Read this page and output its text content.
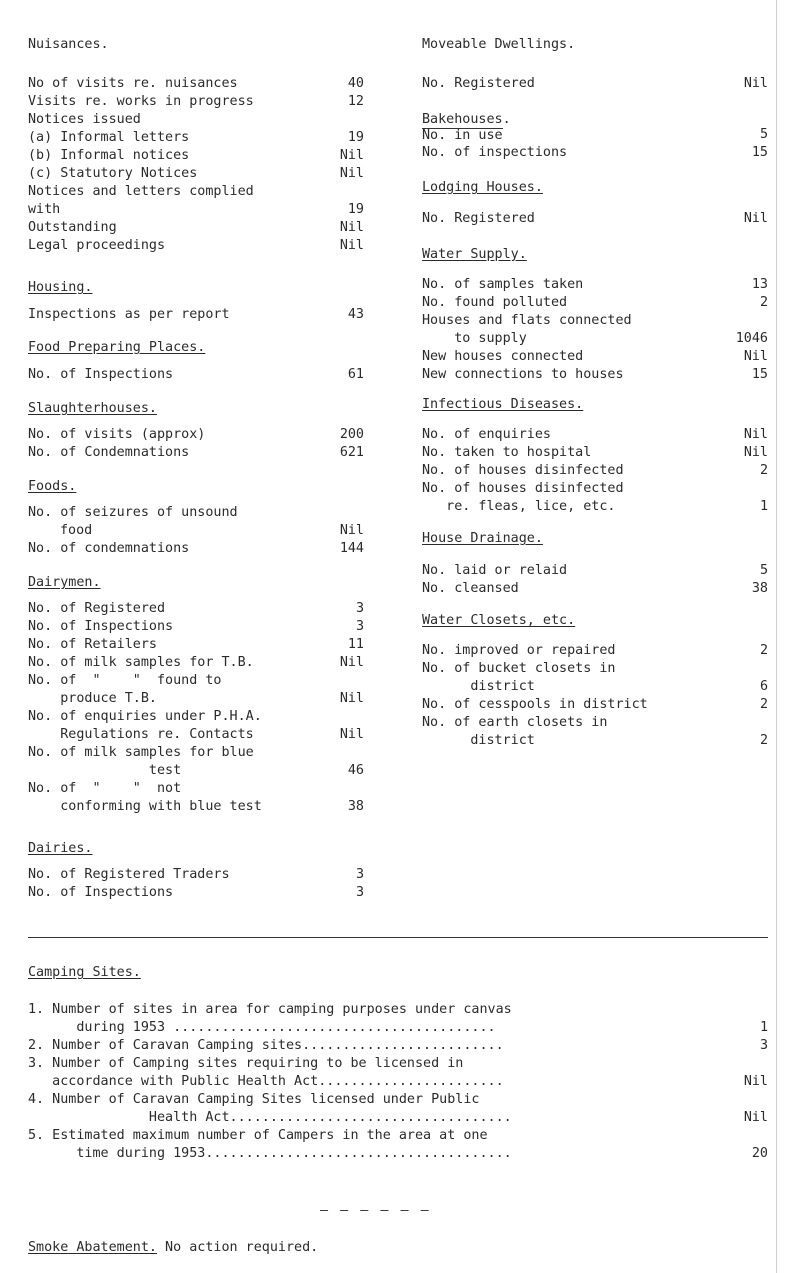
Nuisances.	Moveable Dwellings.
No of visits re. nuisances	40
Visits re. works in progress	12
Notices issued
(a) Informal letters	19
(b) Informal notices	Nil
(c) Statutory Notices	Nil
Notices and letters complied
with	19
Outstanding	Nil
Legal proceedings	Nil
Housing.
Inspections as per report	43
Food Preparing Places.
No. of Inspections	61
Slaughterhouses.
No. of visits (approx)	200
No. of Condemnations	621
Foods.
No. of seizures of unsound
food	Nil
No. of condemnations	144
Dairymen.
No. of Registered	3
No. of Inspections	3
No. of Retailers	11
No. of milk samples for T.B.	Nil
No. of  "    "  found to
produce T.B.	Nil
No. of enquiries under P.H.A.
Regulations re. Contacts	Nil
No. of milk samples for blue
test	46
No. of  "    "  not
conforming with blue test	38
Dairies.
No. of Registered Traders	3
No. of Inspections	3
No. Registered	Nil
Bakehouses.
No. in use	5
No. of inspections	15
Lodging Houses.
No. Registered	Nil
Water Supply.
No. of samples taken	13
No. found polluted	2
Houses and flats connected
to supply	1046
New houses connected	Nil
New connections to houses	15
Infectious Diseases.
No. of enquiries	Nil
No. taken to hospital	Nil
No. of houses disinfected	2
No. of houses disinfected
re. fleas, lice, etc.	1
House Drainage.
No. laid or relaid	5
No. cleansed	38
Water Closets, etc.
No. improved or repaired	2
No. of bucket closets in
district	6
No. of cesspools in district	2
No. of earth closets in
district	2
Camping Sites.
1. Number of sites in area for camping purposes under canvas
during 1953 ........................................	1
2. Number of Caravan Camping sites.........................	3
3. Number of Camping sites requiring to be licensed in
accordance with Public Health Act.......................	Nil
4. Number of Caravan Camping Sites licensed under Public
Health Act...................................	Nil
5. Estimated maximum number of Campers in the area at one
time during 1953......................................	20
— — — — — —
Smoke Abatement. No action required.
